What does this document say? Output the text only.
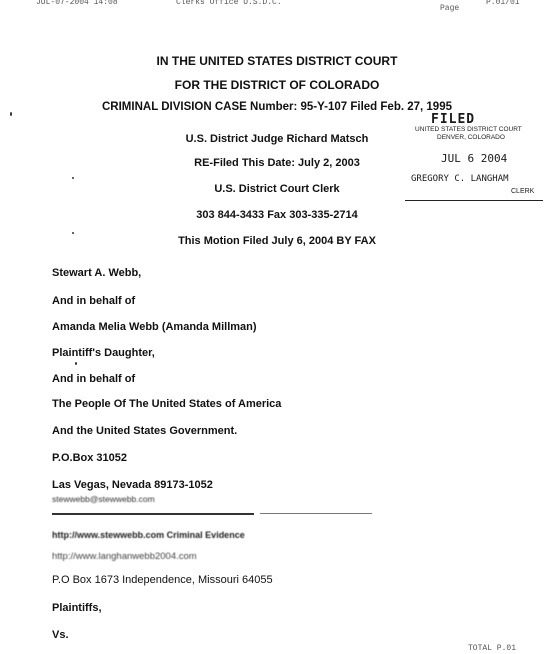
JUL-07-2004 14:08	Clerks Office U.S.D.C.
Page
P.01/01
IN THE UNITED STATES DISTRICT COURT
FOR THE DISTRICT OF COLORADO
CRIMINAL DIVISION CASE Number: 95-Y-107 Filed Feb. 27, 1995
U.S. District Judge Richard Matsch
RE-Filed This Date: July 2, 2003
U.S. District Court Clerk
303 844-3433 Fax 303-335-2714
This Motion Filed July 6, 2004 BY FAX
FILED
UNITED STATES DISTRICT COURT
DENVER, COLORADO
JUL 6 2004
GREGORY C. LANGHAM
CLERK
Stewart A. Webb,
And in behalf of
Amanda Melia Webb (Amanda Millman)
Plaintiff's Daughter,
And in behalf of
The People Of The United States of America
And the United States Government.
P.O.Box 31052
Las Vegas, Nevada 89173-1052
stewwebb@stewwebb.com
http://www.stewwebb.com Criminal Evidence
http://www.langhanwebb2004.com
P.O Box 1673 Independence, Missouri 64055
Plaintiffs,
Vs.
TOTAL P.01
